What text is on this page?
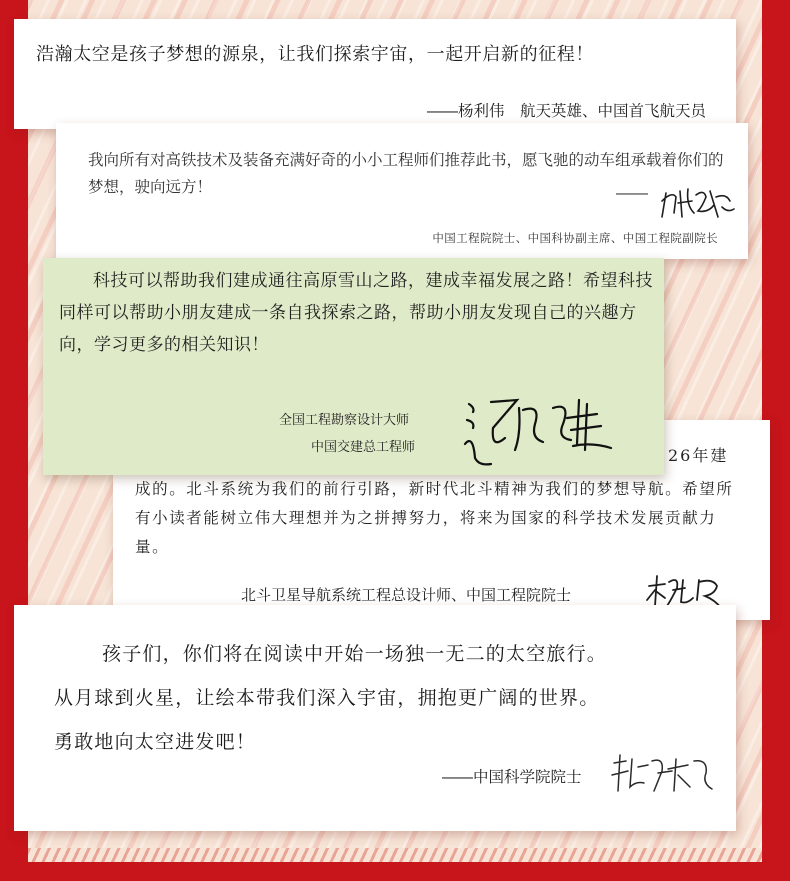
浩瀚太空是孩子梦想的源泉，让我们探索宇宙，一起开启新的征程！
——杨利伟　航天英雄、中国首飞航天员
我向所有对高铁技术及装备充满好奇的小小工程师们推荐此书，愿飞驰的动车组承载着你们的梦想，驶向远方！	——
中国工程院院士、中国科协副主席、中国工程院副院长
26年建
成的。北斗系统为我们的前行引路，新时代北斗精神为我们的梦想导航。希望所有小读者能树立伟大理想并为之拼搏努力，将来为国家的科学技术发展贡献力量。
北斗卫星导航系统工程总设计师、中国工程院院士
科技可以帮助我们建成通往高原雪山之路，建成幸福发展之路！希望科技同样可以帮助小朋友建成一条自我探索之路，帮助小朋友发现自己的兴趣方向，学习更多的相关知识！
全国工程勘察设计大师
中国交建总工程师
孩子们，你们将在阅读中开始一场独一无二的太空旅行。
从月球到火星，让绘本带我们深入宇宙，拥抱更广阔的世界。
勇敢地向太空进发吧！
——中国科学院院士
